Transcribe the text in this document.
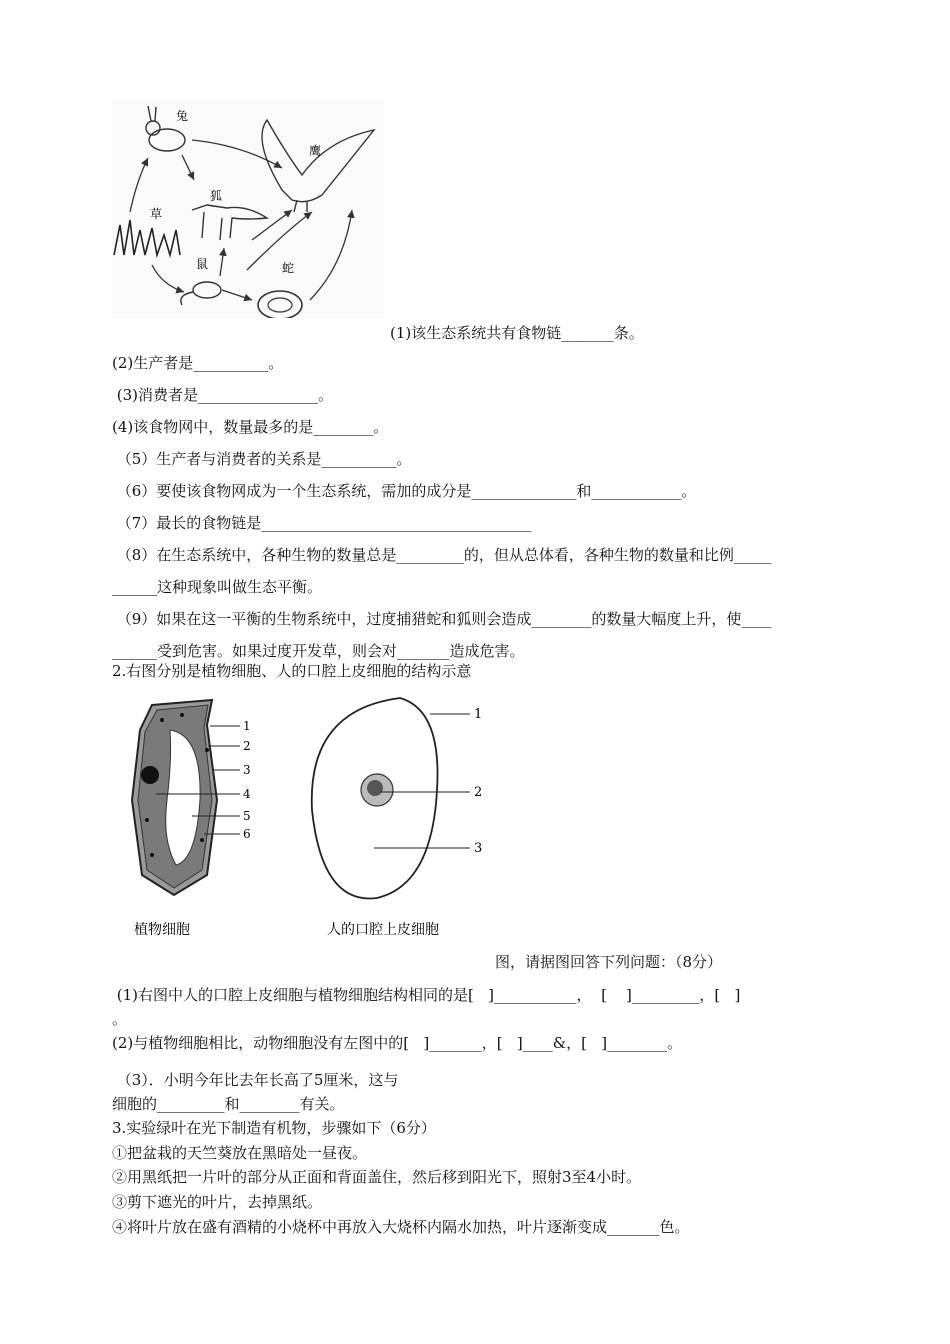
兔
鹰
狐
草
鼠	蛇
(1)该生态系统共有食物链_______条。
(2)生产者是__________。
(3)消费者是________________。
(4)该食物网中，数量最多的是________。
（5）生产者与消费者的关系是__________。
（6）要使该食物网成为一个生态系统，需加的成分是______________和____________。
（7）最长的食物链是____________________________________
（8）在生态系统中，各种生物的数量总是_________的，但从总体看，各种生物的数量和比例_____
______这种现象叫做生态平衡。
（9）如果在这一平衡的生物系统中，过度捕猎蛇和狐则会造成________的数量大幅度上升，使____
______受到危害。如果过度开发草，则会对_______造成危害。
2.右图分别是植物细胞、人的口腔上皮细胞的结构示意
1
2
3
4
5
6
植物细胞
1
2
3
人的口腔上皮细胞
图，请据图回答下列问题：（8分）
(1)右图中人的口腔上皮细胞与植物细胞结构相同的是[   ]___________，  [    ]_________，[   ]
。
(2)与植物细胞相比，动物细胞没有左图中的[   ]_______，[   ]____&，[   ]________。
（3）．小明今年比去年长高了5厘米，这与
细胞的_________和________有关。
3.实验绿叶在光下制造有机物，步骤如下（6分）
①把盆栽的天竺葵放在黑暗处一昼夜。
②用黑纸把一片叶的部分从正面和背面盖住，然后移到阳光下，照射3至4小时。
③剪下遮光的叶片，去掉黑纸。
④将叶片放在盛有酒精的小烧杯中再放入大烧杯内隔水加热，叶片逐渐变成_______色。
